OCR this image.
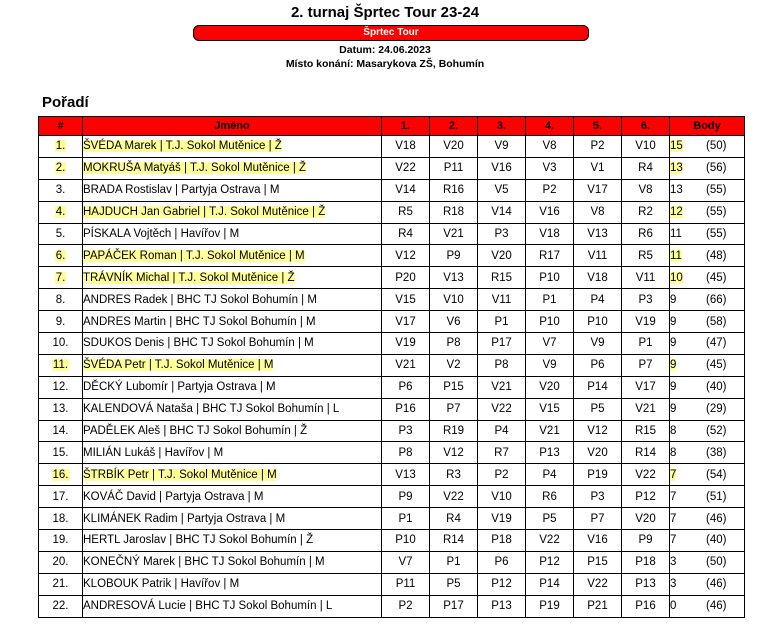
2. turnaj Šprtec Tour 23-24
Šprtec Tour
Datum: 24.06.2023
Místo konání: Masarykova ZŠ, Bohumín
Pořadí
#	Jméno	1.	2.	3.	4.	5.	6.	Body
1.	ŠVÉDA Marek | T.J. Sokol Mutěnice | Ž	V18	V20	V9	V8	P2	V10	15 (50)
2.	MOKRUŠA Matyáš | T.J. Sokol Mutěnice | Ž	V22	P11	V16	V3	V1	R4	13 (56)
3.	BRADA Rostislav | Partyja Ostrava | M	V14	R16	V5	P2	V17	V8	13 (55)
4.	HAJDUCH Jan Gabriel | T.J. Sokol Mutěnice | Ž	R5	R18	V14	V16	V8	R2	12 (55)
5.	PÍSKALA Vojtěch | Havířov | M	R4	V21	P3	V18	V13	R6	11 (55)
6.	PAPÁČEK Roman | T.J. Sokol Mutěnice | M	V12	P9	V20	R17	V11	R5	11 (48)
7.	TRÁVNÍK Michal | T.J. Sokol Mutěnice | Ž	P20	V13	R15	P10	V18	V11	10 (45)
8.	ANDRES Radek | BHC TJ Sokol Bohumín | M	V15	V10	V11	P1	P4	P3	9 (66)
9.	ANDRES Martin | BHC TJ Sokol Bohumín | M	V17	V6	P1	P10	P10	V19	9 (58)
10.	SDUKOS Denis | BHC TJ Sokol Bohumín | M	V19	P8	P17	V7	V9	P1	9 (47)
11.	ŠVÉDA Petr | T.J. Sokol Mutěnice | M	V21	V2	P8	V9	P6	P7	9 (45)
12.	DĚCKÝ Lubomír | Partyja Ostrava | M	P6	P15	V21	V20	P14	V17	9 (40)
13.	KALENDOVÁ Nataša | BHC TJ Sokol Bohumín | L	P16	P7	V22	V15	P5	V21	9 (29)
14.	PADĚLEK Aleš | BHC TJ Sokol Bohumín | Ž	P3	R19	P4	V21	V12	R15	8 (52)
15.	MILIÁN Lukáš | Havířov | M	P8	V12	R7	P13	V20	R14	8 (38)
16.	ŠTRBÍK Petr | T.J. Sokol Mutěnice | M	V13	R3	P2	P4	P19	V22	7 (54)
17.	KOVÁČ David | Partyja Ostrava | M	P9	V22	V10	R6	P3	P12	7 (51)
18.	KLIMÁNEK Radim | Partyja Ostrava | M	P1	R4	V19	P5	P7	V20	7 (46)
19.	HERTL Jaroslav | BHC TJ Sokol Bohumín | Ž	P10	R14	P18	V22	V16	P9	7 (40)
20.	KONEČNÝ Marek | BHC TJ Sokol Bohumín | M	V7	P1	P6	P12	P15	P18	3 (50)
21.	KLOBOUK Patrik | Havířov | M	P11	P5	P12	P14	V22	P13	3 (46)
22.	ANDRESOVÁ Lucie | BHC TJ Sokol Bohumín | L	P2	P17	P13	P19	P21	P16	0 (46)
